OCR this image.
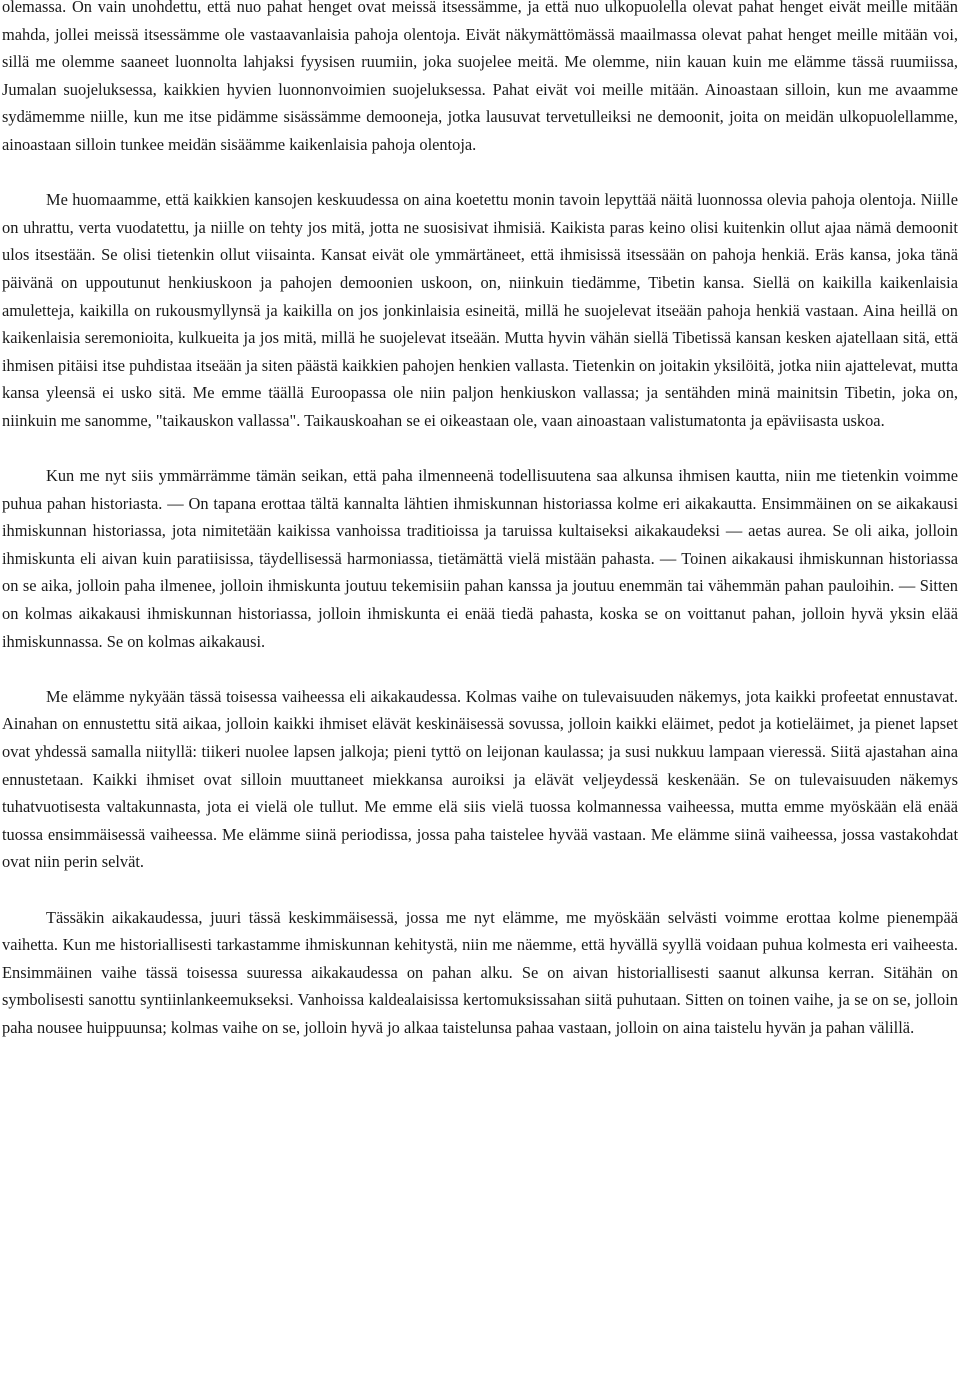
olemassa. On vain unohdettu, että nuo pahat henget ovat meissä itsessämme, ja että nuo ulkopuolella olevat pahat henget eivät meille mitään mahda, jollei meissä itsessämme ole vastaavanlaisia pahoja olentoja. Eivät näkymättömässä maailmassa olevat pahat henget meille mitään voi, sillä me olemme saaneet luonnolta lahjaksi fyysisen ruumiin, joka suojelee meitä. Me olemme, niin kauan kuin me elämme tässä ruumiissa, Jumalan suojeluksessa, kaikkien hyvien luonnonvoimien suojeluksessa. Pahat eivät voi meille mitään. Ainoastaan silloin, kun me avaamme sydämemme niille, kun me itse pidämme sisässämme demooneja, jotka lausuvat tervetulleiksi ne demoonit, joita on meidän ulkopuolellamme, ainoastaan silloin tunkee meidän sisäämme kaikenlaisia pahoja olentoja.

Me huomaamme, että kaikkien kansojen keskuudessa on aina koetettu monin tavoin lepyttää näitä luonnossa olevia pahoja olentoja. Niille on uhrattu, verta vuodatettu, ja niille on tehty jos mitä, jotta ne suosisivat ihmisiä. Kaikista paras keino olisi kuitenkin ollut ajaa nämä demoonit ulos itsestään. Se olisi tietenkin ollut viisainta. Kansat eivät ole ymmärtäneet, että ihmisissä itsessään on pahoja henkiä. Eräs kansa, joka tänä päivänä on uppoutunut henkiuskoon ja pahojen demoonien uskoon, on, niinkuin tiedämme, Tibetin kansa. Siellä on kaikilla kaikenlaisia amuletteja, kaikilla on rukousmyllynsä ja kaikilla on jos jonkinlaisia esineitä, millä he suojelevat itseään pahoja henkiä vastaan. Aina heillä on kaikenlaisia seremonioita, kulkueita ja jos mitä, millä he suojelevat itseään. Mutta hyvin vähän siellä Tibetissä kansan kesken ajatellaan sitä, että ihmisen pitäisi itse puhdistaa itseään ja siten päästä kaikkien pahojen henkien vallasta. Tietenkin on joitakin yksilöitä, jotka niin ajattelevat, mutta kansa yleensä ei usko sitä. Me emme täällä Euroopassa ole niin paljon henkiuskon vallassa; ja sentähden minä mainitsin Tibetin, joka on, niinkuin me sanomme, "taikauskon vallassa". Taikauskoahan se ei oikeastaan ole, vaan ainoastaan valistumatonta ja epäviisasta uskoa.

Kun me nyt siis ymmärrämme tämän seikan, että paha ilmenneenä todellisuutena saa alkunsa ihmisen kautta, niin me tietenkin voimme puhua pahan historiasta. — On tapana erottaa tältä kannalta lähtien ihmiskunnan historiassa kolme eri aikakautta. Ensimmäinen on se aikakausi ihmiskunnan historiassa, jota nimitetään kaikissa vanhoissa traditioissa ja taruissa kultaiseksi aikakaudeksi — aetas aurea. Se oli aika, jolloin ihmiskunta eli aivan kuin paratiisissa, täydellisessä harmoniassa, tietämättä vielä mistään pahasta. — Toinen aikakausi ihmiskunnan historiassa on se aika, jolloin paha ilmenee, jolloin ihmiskunta joutuu tekemisiin pahan kanssa ja joutuu enemmän tai vähemmän pahan pauloihin. — Sitten on kolmas aikakausi ihmiskunnan historiassa, jolloin ihmiskunta ei enää tiedä pahasta, koska se on voittanut pahan, jolloin hyvä yksin elää ihmiskunnassa. Se on kolmas aikakausi.

Me elämme nykyään tässä toisessa vaiheessa eli aikakaudessa. Kolmas vaihe on tulevaisuuden näkemys, jota kaikki profeetat ennustavat. Ainahan on ennustettu sitä aikaa, jolloin kaikki ihmiset elävät keskinäisessä sovussa, jolloin kaikki eläimet, pedot ja kotieläimet, ja pienet lapset ovat yhdessä samalla niityllä: tiikeri nuolee lapsen jalkoja; pieni tyttö on leijonan kaulassa; ja susi nukkuu lampaan vieressä. Siitä ajastahan aina ennustetaan. Kaikki ihmiset ovat silloin muuttaneet miekkansa auroiksi ja elävät veljeydessä keskenään. Se on tulevaisuuden näkemys tuhatvuotisesta valtakunnasta, jota ei vielä ole tullut. Me emme elä siis vielä tuossa kolmannessa vaiheessa, mutta emme myöskään elä enää tuossa ensimmäisessä vaiheessa. Me elämme siinä periodissa, jossa paha taistelee hyvää vastaan. Me elämme siinä vaiheessa, jossa vastakohdat ovat niin perin selvät.

Tässäkin aikakaudessa, juuri tässä keskimmäisessä, jossa me nyt elämme, me myöskään selvästi voimme erottaa kolme pienempää vaihetta. Kun me historiallisesti tarkastamme ihmiskunnan kehitystä, niin me näemme, että hyvällä syyllä voidaan puhua kolmesta eri vaiheesta. Ensimmäinen vaihe tässä toisessa suuressa aikakaudessa on pahan alku. Se on aivan historiallisesti saanut alkunsa kerran. Sitähän on symbolisesti sanottu syntiinlankeemukseksi. Vanhoissa kaldealaisissa kertomuksissahan siitä puhutaan. Sitten on toinen vaihe, ja se on se, jolloin paha nousee huippuunsa; kolmas vaihe on se, jolloin hyvä jo alkaa taistelunsa pahaa vastaan, jolloin on aina taistelu hyvän ja pahan välillä.
